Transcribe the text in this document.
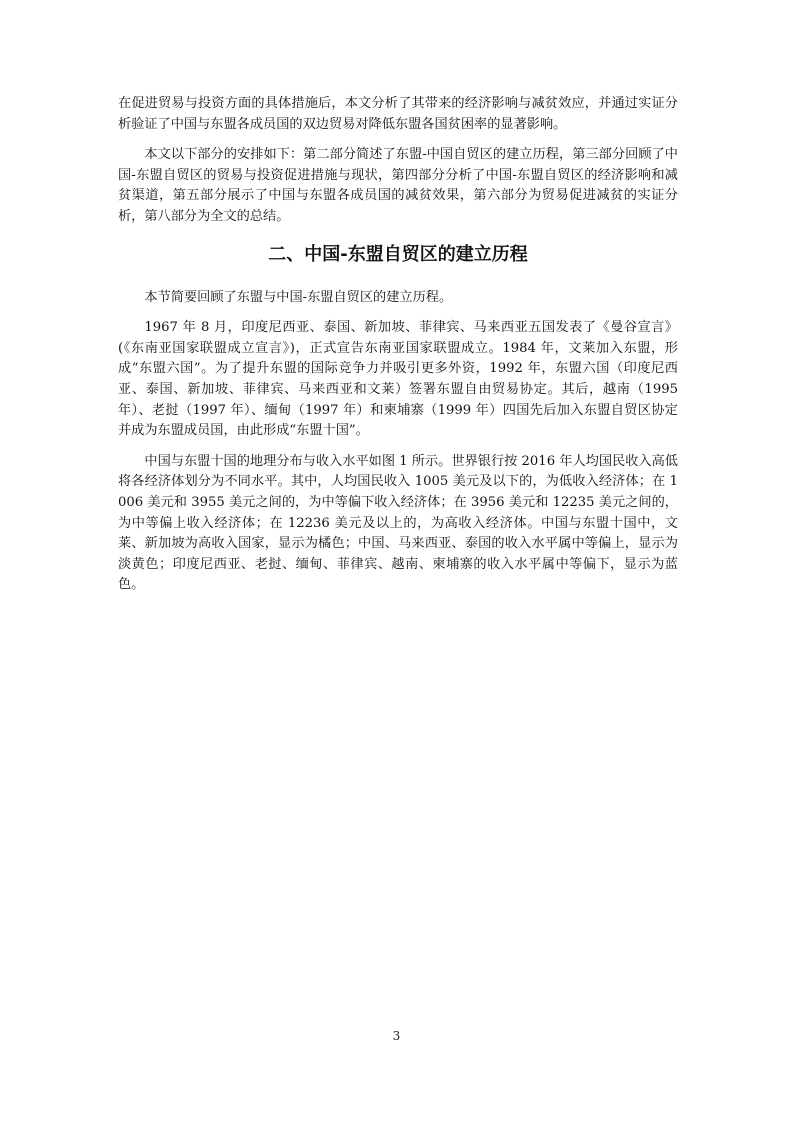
在促进贸易与投资方面的具体措施后，本文分析了其带来的经济影响与减贫效应，并通过实证分析验证了中国与东盟各成员国的双边贸易对降低东盟各国贫困率的显著影响。

本文以下部分的安排如下：第二部分简述了东盟-中国自贸区的建立历程，第三部分回顾了中国-东盟自贸区的贸易与投资促进措施与现状，第四部分分析了中国-东盟自贸区的经济影响和减贫渠道，第五部分展示了中国与东盟各成员国的减贫效果，第六部分为贸易促进减贫的实证分析，第八部分为全文的总结。

二、中国-东盟自贸区的建立历程

本节简要回顾了东盟与中国-东盟自贸区的建立历程。

1967 年 8 月，印度尼西亚、泰国、新加坡、菲律宾、马来西亚五国发表了《曼谷宣言》(《东南亚国家联盟成立宣言》)，正式宣告东南亚国家联盟成立。1984 年，文莱加入东盟，形成“东盟六国”。为了提升东盟的国际竞争力并吸引更多外资，1992 年，东盟六国（印度尼西亚、泰国、新加坡、菲律宾、马来西亚和文莱）签署东盟自由贸易协定。其后，越南（1995 年）、老挝（1997 年）、缅甸（1997 年）和柬埔寨（1999 年）四国先后加入东盟自贸区协定并成为东盟成员国，由此形成“东盟十国”。

中国与东盟十国的地理分布与收入水平如图 1 所示。世界银行按 2016 年人均国民收入高低将各经济体划分为不同水平。其中，人均国民收入 1005 美元及以下的，为低收入经济体；在 1006 美元和 3955 美元之间的，为中等偏下收入经济体；在 3956 美元和 12235 美元之间的，为中等偏上收入经济体；在 12236 美元及以上的，为高收入经济体。中国与东盟十国中，文莱、新加坡为高收入国家，显示为橘色；中国、马来西亚、泰国的收入水平属中等偏上，显示为淡黄色；印度尼西亚、老挝、缅甸、菲律宾、越南、柬埔寨的收入水平属中等偏下，显示为蓝色。

3
